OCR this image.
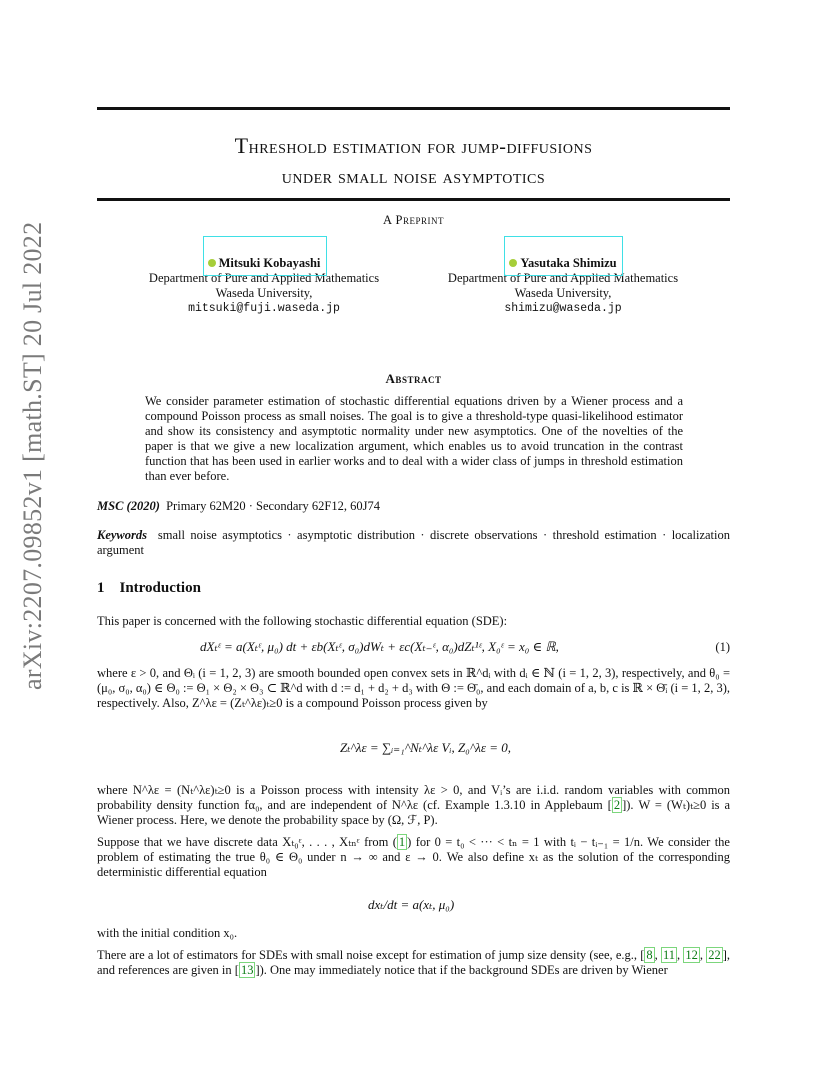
arXiv:2207.09852v1 [math.ST] 20 Jul 2022
Threshold estimation for jump-diffusions
under small noise asymptotics
A Preprint
Mitsuki Kobayashi
Department of Pure and Applied Mathematics
Waseda University,
mitsuki@fuji.waseda.jp
Yasutaka Shimizu
Department of Pure and Applied Mathematics
Waseda University,
shimizu@waseda.jp
Abstract
We consider parameter estimation of stochastic differential equations driven by a Wiener process and a compound Poisson process as small noises. The goal is to give a threshold-type quasi-likelihood estimator and show its consistency and asymptotic normality under new asymptotics. One of the novelties of the paper is that we give a new localization argument, which enables us to avoid truncation in the contrast function that has been used in earlier works and to deal with a wider class of jumps in threshold estimation than ever before.
MSC (2020) Primary 62M20 · Secondary 62F12, 60J74
Keywords small noise asymptotics · asymptotic distribution · discrete observations · threshold estimation · localization argument
1 Introduction
This paper is concerned with the following stochastic differential equation (SDE):
dXₜᵋ = a(Xₜᵋ, μ₀) dt + εb(Xₜᵋ, σ₀)dWₜ + εc(Xₜ₋ᵋ, α₀)dZₜ¹ᵋ, X₀ᵋ = x₀ ∈ ℝ,	(1)
where ε > 0, and Θᵢ (i = 1, 2, 3) are smooth bounded open convex sets in ℝ^dᵢ with dᵢ ∈ ℕ (i = 1, 2, 3), respectively, and θ₀ = (μ₀, σ₀, α₀) ∈ Θ₀ := Θ₁ × Θ₂ × Θ₃ ⊂ ℝ^d with d := d₁ + d₂ + d₃ with Θ := Θ̄₀, and each domain of a, b, c is ℝ × Θ̄ᵢ (i = 1, 2, 3), respectively. Also, Z^λε = (Zₜ^λε)ₜ≥0 is a compound Poisson process given by
Zₜ^λε = ∑ᵢ₌₁^Nₜ^λε Vᵢ, Z₀^λε = 0,
where N^λε = (Nₜ^λε)ₜ≥0 is a Poisson process with intensity λε > 0, and Vᵢ’s are i.i.d. random variables with common probability density function fα₀, and are independent of N^λε (cf. Example 1.3.10 in Applebaum [ 2 ]). W = (Wₜ)ₜ≥0 is a Wiener process. Here, we denote the probability space by (Ω, ℱ, P).
Suppose that we have discrete data Xₜ₀ᵋ, . . . , Xₜₙᵋ from ( 1 ) for 0 = t₀ < ··· < tₙ = 1 with tᵢ − tᵢ₋₁ = 1/n. We consider the problem of estimating the true θ₀ ∈ Θ₀ under n → ∞ and ε → 0. We also define xₜ as the solution of the corresponding deterministic differential equation
dxₜ/dt = a(xₜ, μ₀)
with the initial condition x₀.
There are a lot of estimators for SDEs with small noise except for estimation of jump size density (see, e.g., [ 8 , 11 , 12 , 22 ], and references are given in [ 13 ]). One may immediately notice that if the background SDEs are driven by Wiener
